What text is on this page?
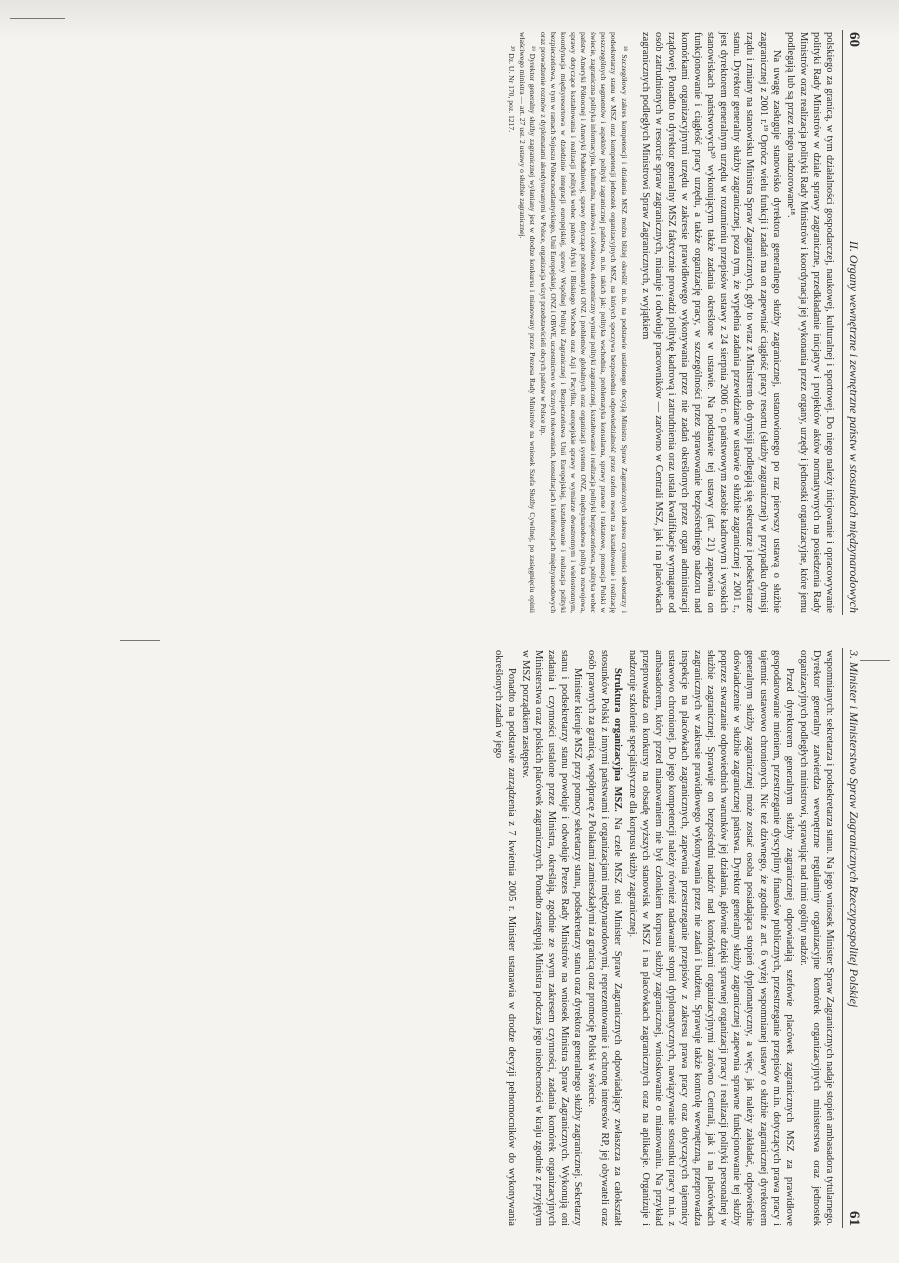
60
II. Organy wewnętrzne i zewnętrzne państw w stosunkach międzynarodowych

polskiego za granicą, w tym działalności gospodarczej, naukowej, kulturalnej i sportowej. Do niego należy inicjowanie i opracowywanie polityki Rady Ministrów w dziale sprawy zagraniczne, przedkładanie inicjatyw i projektów aktów normatywnych na posiedzenia Rady Ministrów oraz realizacja polityki Rady Ministrów i koordynacja jej wykonania przez organy, urzędy i jednostki organizacyjne, które jemu podlegają lub są przez niego nadzorowane¹⁸.

Na uwagę zasługuje stanowisko dyrektora generalnego służby zagranicznej, ustanowionego po raz pierwszy ustawą o służbie zagranicznej z 2001 r.¹⁹ Oprócz wielu funkcji i zadań ma on zapewniać ciągłość pracy resortu (służby zagranicznej) w przypadku dymisji rządu i zmiany na stanowisku Ministra Spraw Zagranicznych, gdy to wraz z Ministrem do dymisji podlegają się sekretarze i podsekretarze stanu. Dyrektor generalny służby zagranicznej, poza tym, że wypełnia zadania przewidziane w ustawie o służbie zagranicznej z 2001 r., jest dyrektorem generalnym urzędu w rozumieniu przepisów ustawy z 24 sierpnia 2006 r. o państwowym zasobie kadrowym i wysokich stanowiskach państwowych²⁰ wykonującym także zadania określone w ustawie. Na podstawie tej ustawy (art. 21) zapewnia on funkcjonowanie i ciągłość pracy urzędu, a także organizację pracy, w szczególności przez sprawowanie bezpośredniego nadzoru nad komórkami organizacyjnymi urzędu w zakresie prawidłowego wykonywania przez nie zadań określonych przez organ administracji rządowej. Ponadto to dyrektor generalny MSZ faktycznie prowadzi politykę kadrową i zatrudnienia oraz ustala kwalifikacje wymagane od osób zatrudnionych w resorcie spraw zagranicznych, mianuje i odwołuje pracowników — zarówno w Centrali MSZ, jak i na placówkach zagranicznych podległych Ministrowi Spraw Zagranicznych, z wyjątkiem

¹⁸ Szczegółowy zakres kompetencji i działania MSZ można bliżej określić m.in. na podstawie ustalonego decyzją Ministra Spraw Zagranicznych zakresu czynności sekretarzy i podsekretarzy stanu w MSZ oraz kompetencji jednostek organizacyjnych MSZ, na których spoczywa bezpośrednia odpowiedzialność przez szefom resortu za kształtowanie i realizację poszczególnych segmentów i aspektów polityki zagranicznej państwa, m.in. takich jak: polityka wschodnia, problematyka konsularna, sprawy prawne i traktatowe, promocja Polski w świecie, zagraniczna polityka informacyjna, kulturalna, naukowa i oświatowa, ekonomiczny wymiar polityki zagranicznej, kształtowanie i realizacja polityki bezpieczeństwa, polityka wobec państw Ameryki Północnej i Ameryki Południowej, sprawy dotyczące problematyki ONZ i problemów globalnych oraz organizacji systemu ONZ, międzynarodowa polityka rozwojowa, sprawy dotyczące kształtowania i realizacji polityki wobec państw Afryki i Bliskiego Wschodu oraz Azji i Pacyfiku, europejskie sprawy w wymiarze dwustronnym i wielostronnym, koordynacja międzyresortowa w dziedzinie integracji europejskiej, sprawy Wspólnej Polityki Zagranicznej i Bezpieczeństwa Unii Europejskiej, kształtowanie i realizacja polityki bezpieczeństwa, w tym w ramach Sojuszu Północnoatlantyckiego, Unii Europejskiej, ONZ i OBWE, uczestnictwo w licznych rokowaniach, konsultacjach i konferencjach międzynarodowych oraz prowadzenie rozmów z dyplomatami akredytowanymi w Polsce, organizacja wizyt przedstawicieli obcych państw w Polsce itp.

¹⁹ Dyrektor generalny służby zagranicznej wyłaniany jest w drodze konkursu i mianowany przez Prezesa Rady Ministrów na wniosek Szefa Służby Cywilnej, po zasięgnięciu opinii właściwego ministra — art. 27 ust. 2 ustawy o służbie zagranicznej.

²⁰ Dz. U. Nr 170, poz. 1217.

3. Minister i Ministerstwo Spraw Zagranicznych Rzeczypospolitej Polskiej
61

wspomnianych: sekretarza i podsekretarza stanu. Na jego wniosek Minister Spraw Zagranicznych nadaje stopień ambasadora tytularnego. Dyrektor generalny zatwierdza wewnętrzne regulaminy organizacyjne komórek organizacyjnych ministerstwa oraz jednostek organizacyjnych podległych ministrowi, sprawując nad nimi ogólny nadzór.

Przed dyrektorem generalnym służby zagranicznej odpowiadają szefowie placówek zagranicznych MSZ za prawidłowe gospodarowanie mieniem, przestrzeganie dyscypliny finansów publicznych, przestrzeganie przepisów m.in. dotyczących prawa pracy i tajemnic ustawowo chronionych. Nic też dziwnego, że zgodnie z art. 6 wyżej wspomnianej ustawy o służbie zagranicznej dyrektorem generalnym służby zagranicznej może zostać osoba posiadająca stopień dyplomatyczny, a więc, jak należy zakładać, odpowiednie doświadczenie w służbie zagranicznej państwa. Dyrektor generalny służby zagranicznej zapewnia sprawne funkcjonowanie tej służby poprzez stwarzanie odpowiednich warunków jej działania, głównie dzięki sprawnej organizacji pracy i realizacji polityki personalnej w służbie zagranicznej. Sprawuje on bezpośredni nadzór nad komórkami organizacyjnymi zarówno Centrali, jak i na placówkach zagranicznych w zakresie prawidłowego wykonywania przez nie zadań i budżetu. Sprawuje także kontrolę wewnętrzną, przeprowadza inspekcje na placówkach zagranicznych, zapewnia przestrzeganie przepisów z zakresu prawa pracy oraz dotyczących tajemnicy ustawowo chronionej. Do jego kompetencji należy również nadawanie stopni dyplomatycznych, nawiązywanie stosunku pracy m.in. z ambasadorem, który przed mianowaniem nie był członkiem korpusu służby zagranicznej, wnioskowanie o mianowaniu. Na przykład przeprowadza on konkursy na obsadę wyższych stanowisk w MSZ i na placówkach zagranicznych oraz na aplikacje. Organizuje i nadzoruje szkolenie specjalistyczne dla korpusu służby zagranicznej.

Struktura organizacyjna MSZ. Na czele MSZ stoi Minister Spraw Zagranicznych odpowiadający zwłaszcza za całokształt stosunków Polski z innymi państwami i organizacjami międzynarodowymi, reprezentowanie i ochronę interesów RP, jej obywateli oraz osób prawnych za granicą, współpracę z Polakami zamieszkałymi za granicą oraz promocję Polski w świecie.

Minister kieruje MSZ przy pomocy sekretarzy stanu, podsekretarzy stanu oraz dyrektora generalnego służby zagranicznej. Sekretarzy stanu i podsekretarzy stanu powołuje i odwołuje Prezes Rady Ministrów na wniosek Ministra Spraw Zagranicznych. Wykonują oni zadania i czynności ustalone przez Ministra, określają, zgodnie ze swym zakresem czynności, zadania komórek organizacyjnych Ministerstwa oraz polskich placówek zagranicznych. Ponadto zastępują Ministra podczas jego nieobecności w kraju zgodnie z przyjętym w MSZ porządkiem zastępstw.

Ponadto na podstawie zarządzenia z 7 kwietnia 2005 r. Minister ustanawia w drodze decyzji pełnomocników do wykonywania określonych zadań w jego
